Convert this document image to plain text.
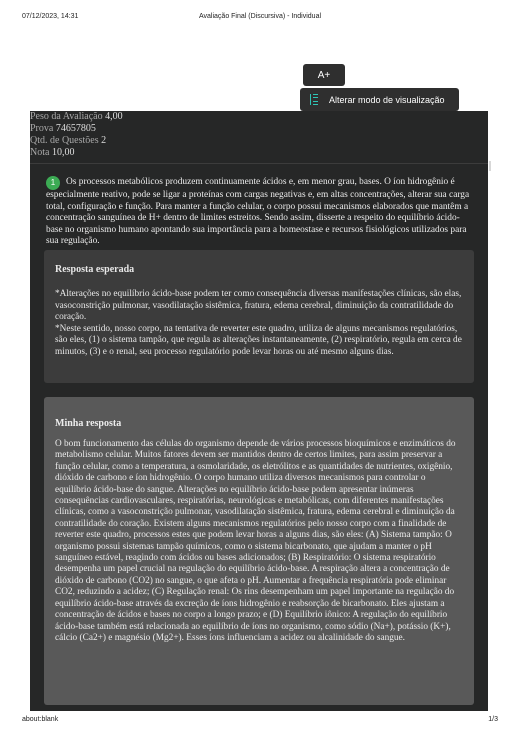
07/12/2023, 14:31	Avaliação Final (Discursiva) - Individual
A+
Alterar modo de visualização
Peso da Avaliação 4,00
Prova 74657805
Qtd. de Questões 2
Nota 10,00
1 Os processos metabólicos produzem continuamente ácidos e, em menor grau, bases. O íon hidrogênio é especialmente reativo, pode se ligar a proteínas com cargas negativas e, em altas concentrações, alterar sua carga total, configuração e função. Para manter a função celular, o corpo possui mecanismos elaborados que mantêm a concentração sanguínea de H+ dentro de limites estreitos. Sendo assim, disserte a respeito do equilíbrio ácido-base no organismo humano apontando sua importância para a homeostase e recursos fisiológicos utilizados para sua regulação.
Resposta esperada
*Alterações no equilíbrio ácido-base podem ter como consequência diversas manifestações clínicas, são elas, vasoconstrição pulmonar, vasodilatação sistêmica, fratura, edema cerebral, diminuição da contratilidade do coração.
*Neste sentido, nosso corpo, na tentativa de reverter este quadro, utiliza de alguns mecanismos regulatórios, são eles, (1) o sistema tampão, que regula as alterações instantaneamente, (2) respiratório, regula em cerca de minutos, (3) e o renal, seu processo regulatório pode levar horas ou até mesmo alguns dias.
Minha resposta
O bom funcionamento das células do organismo depende de vários processos bioquímicos e enzimáticos do metabolismo celular. Muitos fatores devem ser mantidos dentro de certos limites, para assim preservar a função celular, como a temperatura, a osmolaridade, os eletrólitos e as quantidades de nutrientes, oxigênio, dióxido de carbono e íon hidrogênio. O corpo humano utiliza diversos mecanismos para controlar o equilíbrio ácido-base do sangue. Alterações no equilíbrio ácido-base podem apresentar inúmeras consequências cardiovasculares, respiratórias, neurológicas e metabólicas, com diferentes manifestações clínicas, como a vasoconstrição pulmonar, vasodilatação sistêmica, fratura, edema cerebral e diminuição da contratilidade do coração. Existem alguns mecanismos regulatórios pelo nosso corpo com a finalidade de reverter este quadro, processos estes que podem levar horas a alguns dias, são eles: (A) Sistema tampão: O organismo possui sistemas tampão químicos, como o sistema bicarbonato, que ajudam a manter o pH sanguíneo estável, reagindo com ácidos ou bases adicionados; (B) Respiratório: O sistema respiratório desempenha um papel crucial na regulação do equilíbrio ácido-base. A respiração altera a concentração de dióxido de carbono (CO2) no sangue, o que afeta o pH. Aumentar a frequência respiratória pode eliminar CO2, reduzindo a acidez; (C) Regulação renal: Os rins desempenham um papel importante na regulação do equilíbrio ácido-base através da excreção de íons hidrogênio e reabsorção de bicarbonato. Eles ajustam a concentração de ácidos e bases no corpo a longo prazo; e (D) Equilíbrio iônico: A regulação do equilíbrio ácido-base também está relacionada ao equilíbrio de íons no organismo, como sódio (Na+), potássio (K+), cálcio (Ca2+) e magnésio (Mg2+). Esses íons influenciam a acidez ou alcalinidade do sangue.
about:blank	1/3
